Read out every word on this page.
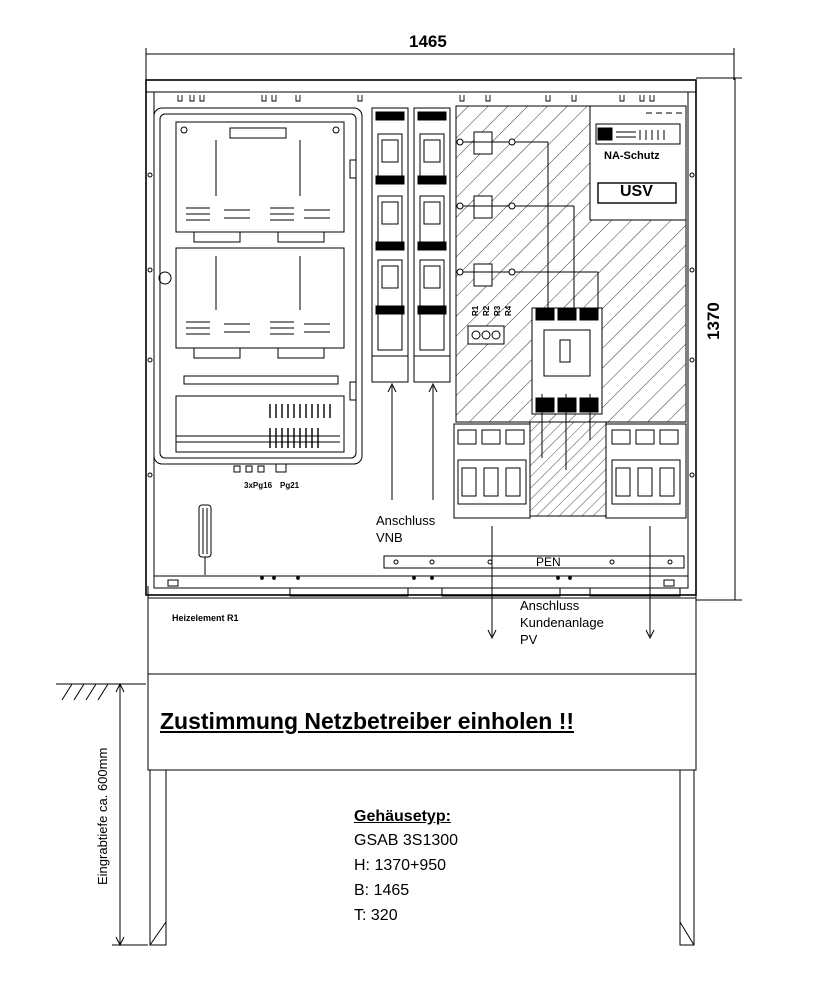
1465
1370
Eingrabtiefe ca. 600mm
NA-Schutz
USV
R1 R2 R3 R4
3xPg16 Pg21
Anschluss
VNB
PEN
Anschluss
Kundenanlage
PV
Heizelement R1
Zustimmung Netzbetreiber einholen !!
Gehäusetyp:
GSAB 3S1300
H: 1370+950
B: 1465
T: 320
